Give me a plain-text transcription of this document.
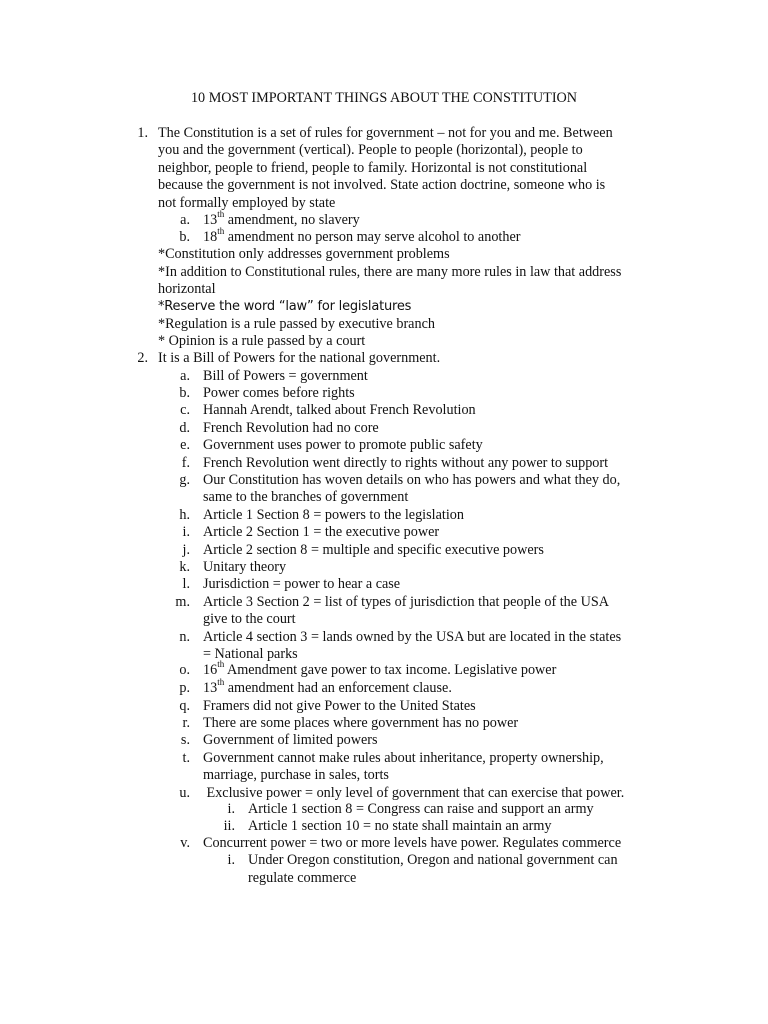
10 MOST IMPORTANT THINGS ABOUT THE CONSTITUTION
1. The Constitution is a set of rules for government – not for you and me. Between
you and the government (vertical). People to people (horizontal), people to
neighbor, people to friend, people to family. Horizontal is not constitutional
because the government is not involved. State action doctrine, someone who is
not formally employed by state
a. 13th amendment, no slavery
b. 18th amendment no person may serve alcohol to another
*Constitution only addresses government problems
*In addition to Constitutional rules, there are many more rules in law that address
horizontal
*Reserve the word “law” for legislatures
*Regulation is a rule passed by executive branch
* Opinion is a rule passed by a court
2. It is a Bill of Powers for the national government.
a. Bill of Powers = government
b. Power comes before rights
c. Hannah Arendt, talked about French Revolution
d. French Revolution had no core
e. Government uses power to promote public safety
f. French Revolution went directly to rights without any power to support
g. Our Constitution has woven details on who has powers and what they do,
same to the branches of government
h. Article 1 Section 8 = powers to the legislation
i. Article 2 Section 1 = the executive power
j. Article 2 section 8 = multiple and specific executive powers
k. Unitary theory
l. Jurisdiction = power to hear a case
m. Article 3 Section 2 = list of types of jurisdiction that people of the USA
give to the court
n. Article 4 section 3 = lands owned by the USA but are located in the states
= National parks
o. 16th Amendment gave power to tax income. Legislative power
p. 13th amendment had an enforcement clause.
q. Framers did not give Power to the United States
r. There are some places where government has no power
s. Government of limited powers
t. Government cannot make rules about inheritance, property ownership,
marriage, purchase in sales, torts
u. Exclusive power = only level of government that can exercise that power.
i. Article 1 section 8 = Congress can raise and support an army
ii. Article 1 section 10 = no state shall maintain an army
v. Concurrent power = two or more levels have power. Regulates commerce
i. Under Oregon constitution, Oregon and national government can
regulate commerce
